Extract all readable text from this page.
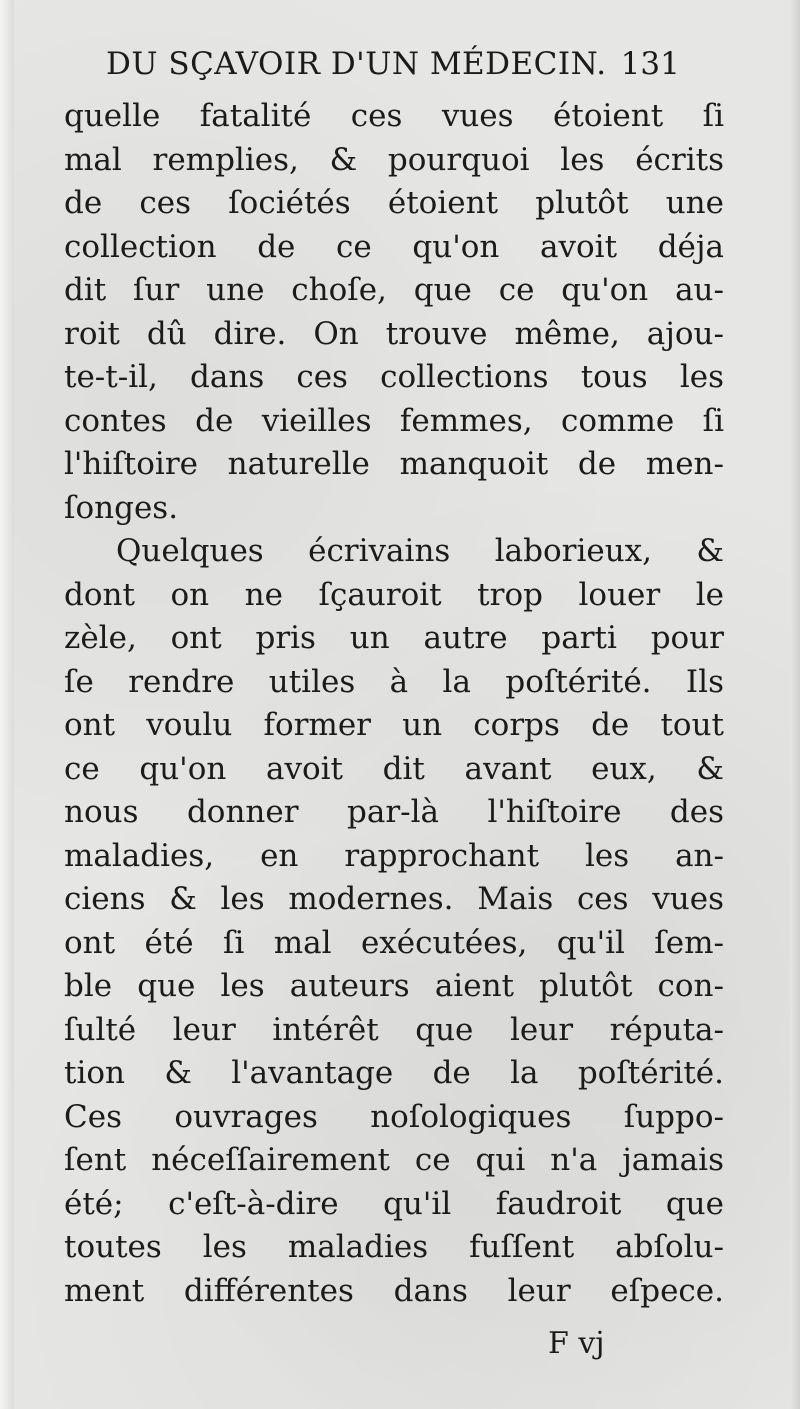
DU SÇAVOIR D'UN MÉDECIN. 131
quelle fatalité ces vues étoient ſi
mal remplies, & pourquoi les écrits
de ces ſociétés étoient plutôt une
collection de ce qu'on avoit déja
dit ſur une choſe, que ce qu'on au-
roit dû dire. On trouve même, ajou-
te-t-il, dans ces collections tous les
contes de vieilles femmes, comme ſi
l'hiſtoire naturelle manquoit de men-
ſonges.
Quelques écrivains laborieux, &
dont on ne ſçauroit trop louer le
zèle, ont pris un autre parti pour
ſe rendre utiles à la poſtérité. Ils
ont voulu former un corps de tout
ce qu'on avoit dit avant eux, &
nous donner par-là l'hiſtoire des
maladies, en rapprochant les an-
ciens & les modernes. Mais ces vues
ont été ſi mal exécutées, qu'il ſem-
ble que les auteurs aient plutôt con-
ſulté leur intérêt que leur réputa-
tion & l'avantage de la poſtérité.
Ces ouvrages noſologiques ſuppo-
ſent néceſſairement ce qui n'a jamais
été; c'eſt-à-dire qu'il faudroit que
toutes les maladies fuſſent abſolu-
ment différentes dans leur eſpece.
F vj
